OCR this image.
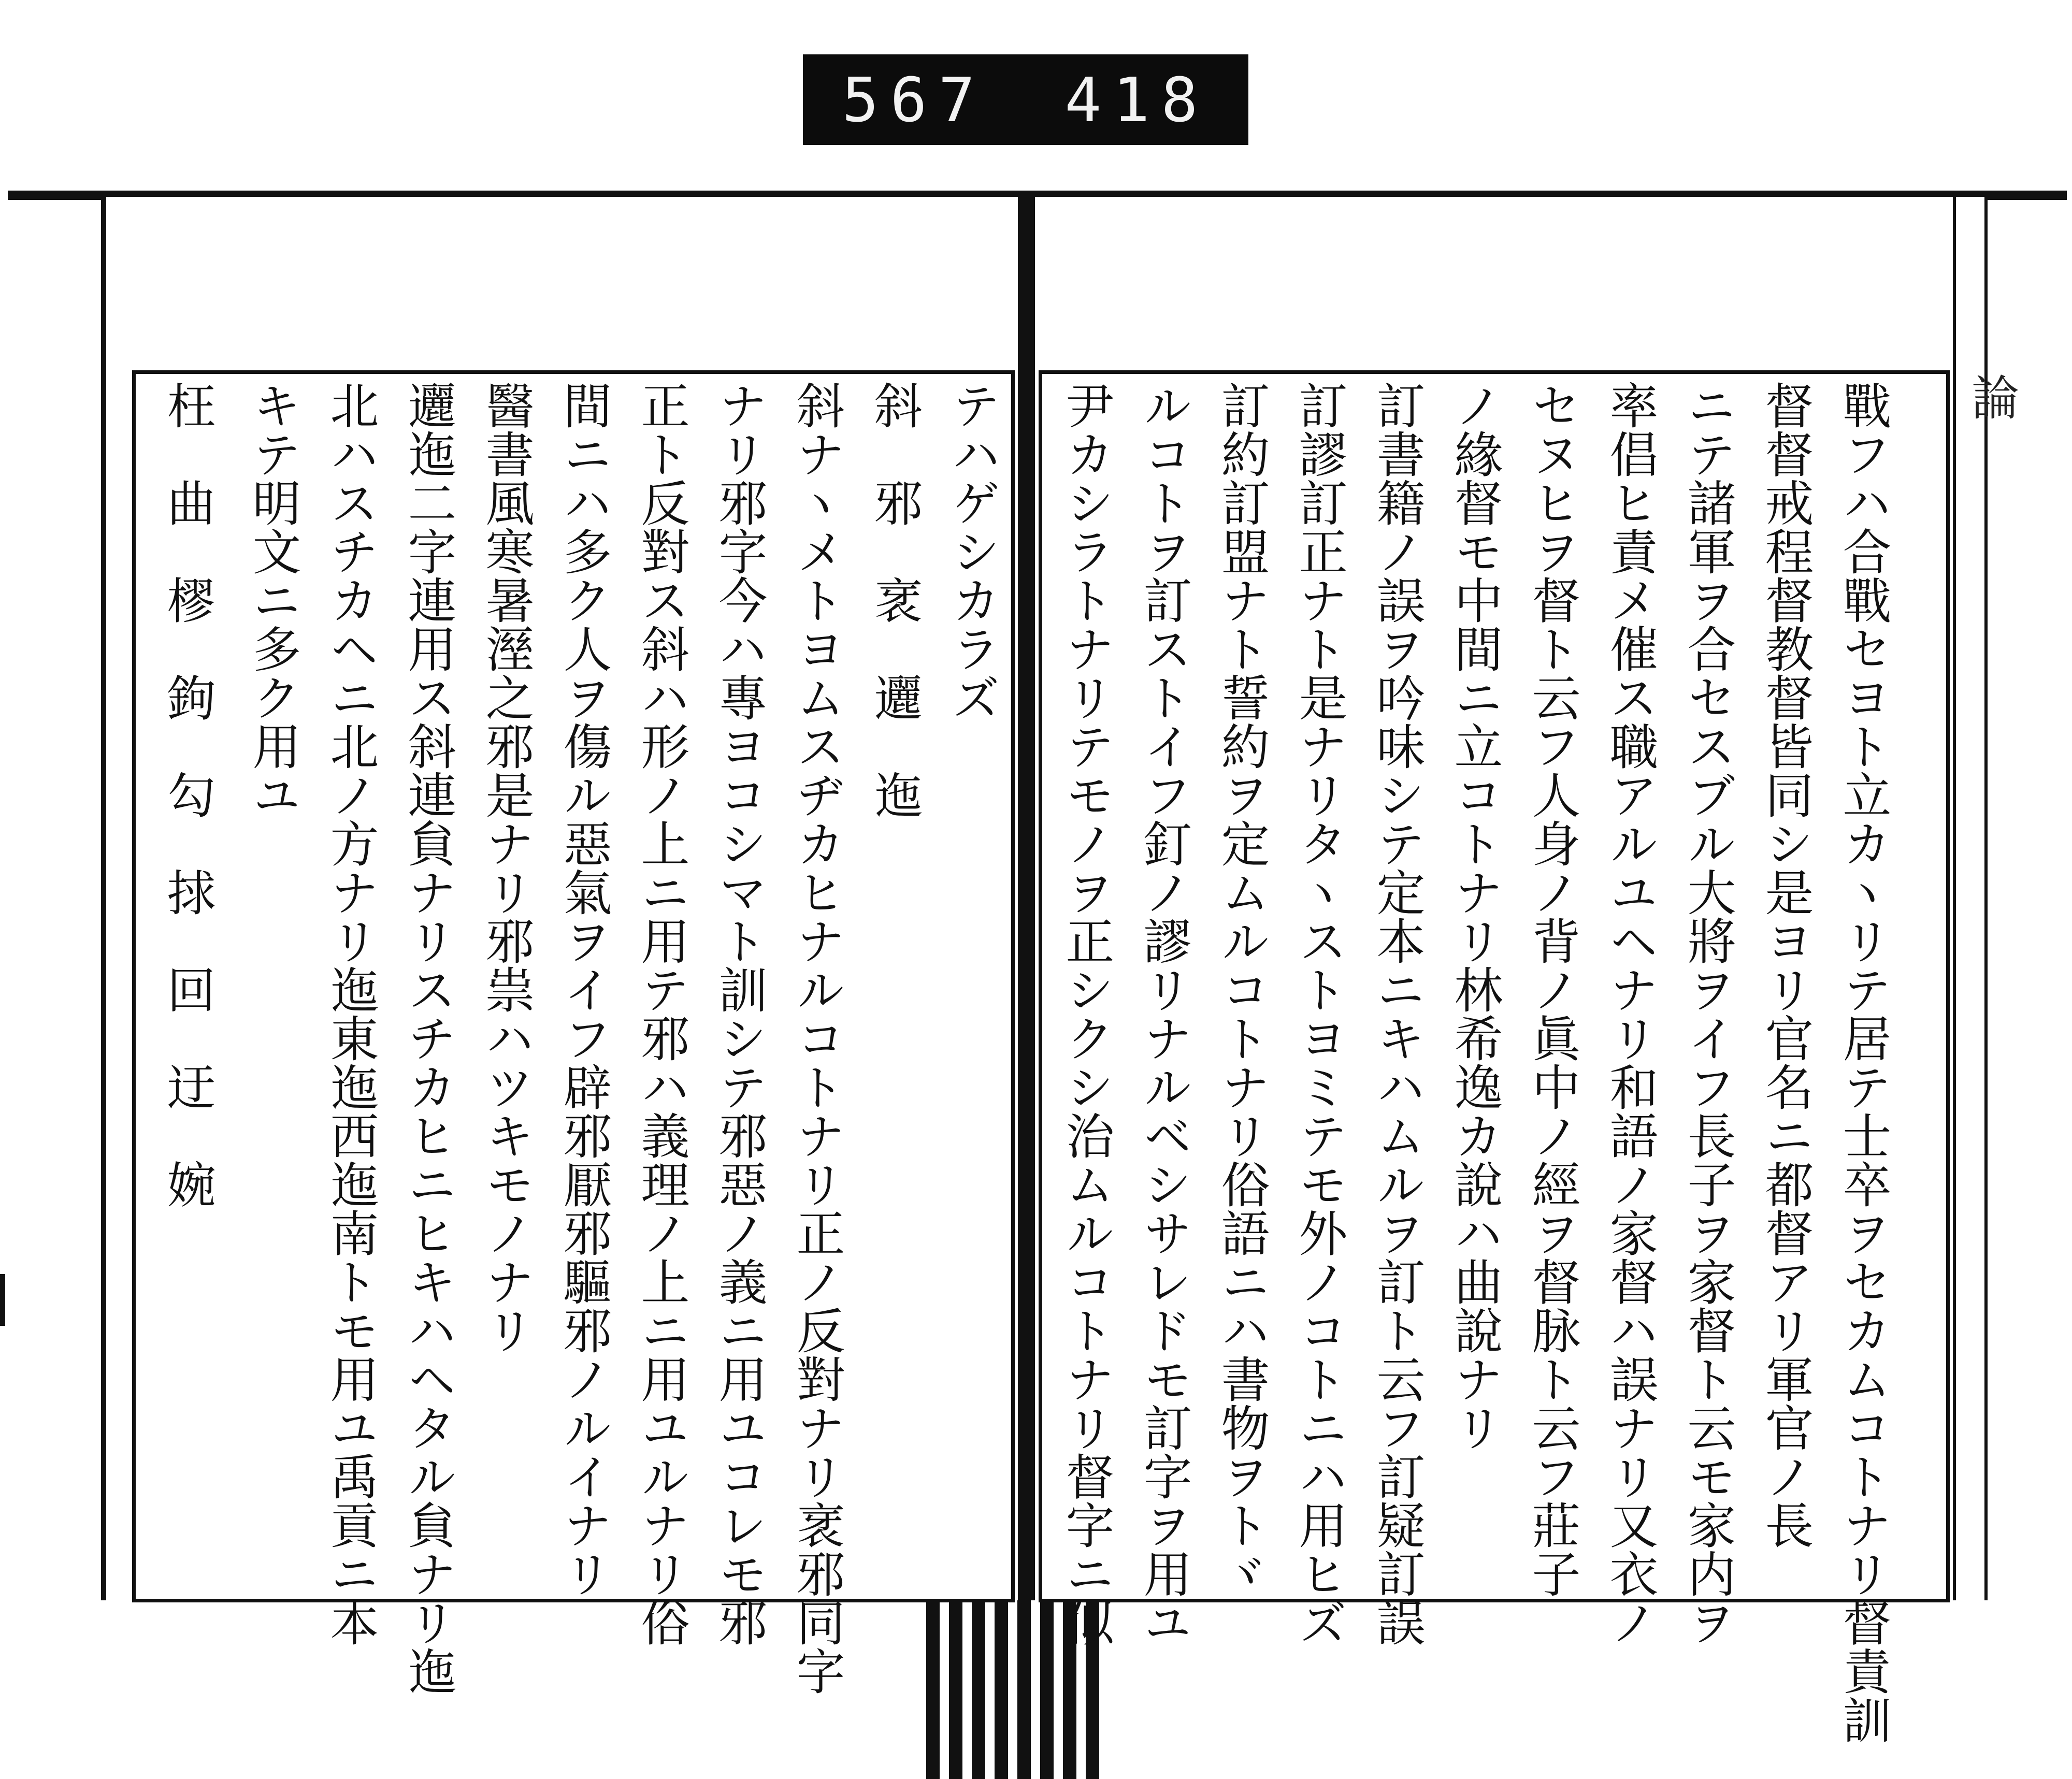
567 418
論
戰フハ合戰セヨト立カヽリテ居テ士卒ヲセカムコトナリ督責訓
督督戒程督教督皆同シ是ヨリ官名ニ都督アリ軍官ノ長
ニテ諸軍ヲ合セスブル大將ヲイフ長子ヲ家督ト云モ家内ヲ
率倡ヒ責メ催ス職アルユヘナリ和語ノ家督ハ誤ナリ又衣ノ
セヌヒヲ督ト云フ人身ノ背ノ眞中ノ經ヲ督脉ト云フ莊子
ノ緣督モ中間ニ立コトナリ林希逸カ說ハ曲說ナリ
訂書籍ノ誤ヲ吟味シテ定本ニキハムルヲ訂ト云フ訂疑訂誤
訂謬訂正ナト是ナリタヽストヨミテモ外ノコトニハ用ヒズ
訂約訂盟ナト誓約ヲ定ムルコトナリ俗語ニハ書物ヲトヾ
ルコトヲ訂ストイフ釘ノ謬リナルベシサレドモ訂字ヲ用ユ
尹カシラトナリテモノヲ正シクシ治ムルコトナリ督字ニ似
テハゲシカラズ
斜　邪　衺　邐　迤
斜ナヽメトヨムスヂカヒナルコトナリ正ノ反對ナリ衺邪同字
ナリ邪字今ハ專ヨコシマト訓シテ邪惡ノ義ニ用ユコレモ邪
正ト反對ス斜ハ形ノ上ニ用テ邪ハ義理ノ上ニ用ユルナリ俗
間ニハ多ク人ヲ傷ル惡氣ヲイフ辟邪厭邪驅邪ノルイナリ
醫書風寒暑溼之邪是ナリ邪祟ハツキモノナリ
邐迤二字連用ス斜連貟ナリスチカヒニヒキハヘタル貟ナリ迤
北ハスチカヘニ北ノ方ナリ迤東迤西迤南トモ用ユ禹貢ニ本
キテ明文ニ多ク用ユ
枉　曲　樛　鉤　勾　捄　回　迂　婉
